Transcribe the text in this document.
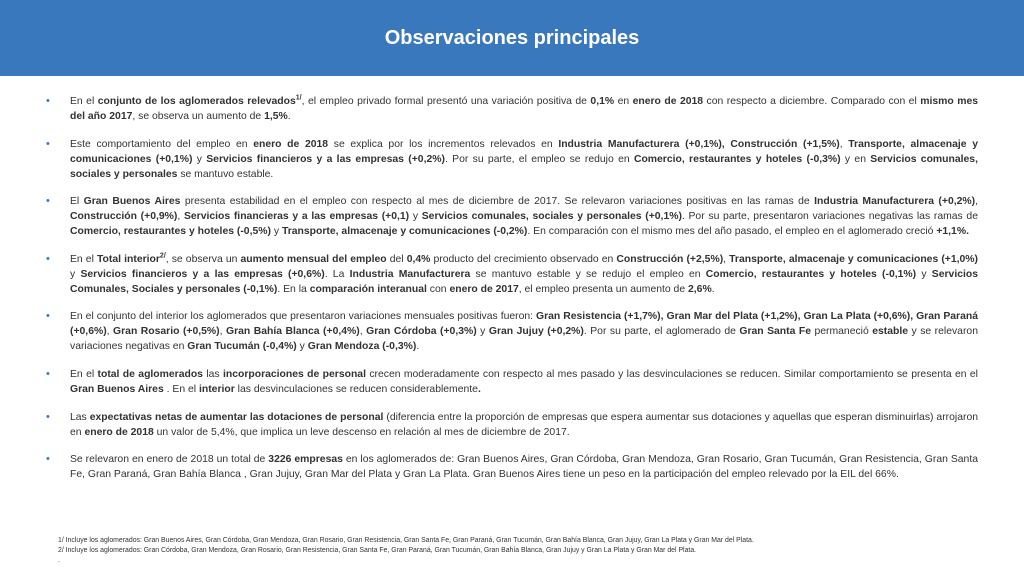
Observaciones principales
• En el conjunto de los aglomerados relevados$^{1/}$, el empleo privado formal presentó una variación positiva de 0,1% en enero de 2018 con respecto a diciembre. Comparado con el mismo mes del año 2017, se observa un aumento de 1,5%.
• Este comportamiento del empleo en enero de 2018 se explica por los incrementos relevados en Industria Manufacturera (+0,1%), Construcción (+1,5%), Transporte, almacenaje y comunicaciones (+0,1%) y Servicios financieros y a las empresas (+0,2%). Por su parte, el empleo se redujo en Comercio, restaurantes y hoteles (-0,3%) y en Servicios comunales, sociales y personales se mantuvo estable.
• El Gran Buenos Aires presenta estabilidad en el empleo con respecto al mes de diciembre de 2017. Se relevaron variaciones positivas en las ramas de Industria Manufacturera (+0,2%), Construcción (+0,9%), Servicios financieras y a las empresas (+0,1) y Servicios comunales, sociales y personales (+0,1%). Por su parte, presentaron variaciones negativas las ramas de Comercio, restaurantes y hoteles (-0,5%) y Transporte, almacenaje y comunicaciones (-0,2%). En comparación con el mismo mes del año pasado, el empleo en el aglomerado creció +1,1%.
• En el Total interior$^{2/}$, se observa un aumento mensual del empleo del 0,4% producto del crecimiento observado en Construcción (+2,5%), Transporte, almacenaje y comunicaciones (+1,0%) y Servicios financieros y a las empresas (+0,6%). La Industria Manufacturera se mantuvo estable y se redujo el empleo en Comercio, restaurantes y hoteles (-0,1%) y Servicios Comunales, Sociales y personales (-0,1%). En la comparación interanual con enero de 2017, el empleo presenta un aumento de 2,6%.
• En el conjunto del interior los aglomerados que presentaron variaciones mensuales positivas fueron: Gran Resistencia (+1,7%), Gran Mar del Plata (+1,2%), Gran La Plata (+0,6%), Gran Paraná (+0,6%), Gran Rosario (+0,5%), Gran Bahía Blanca (+0,4%), Gran Córdoba (+0,3%) y Gran Jujuy (+0,2%). Por su parte, el aglomerado de Gran Santa Fe permaneció estable y se relevaron variaciones negativas en Gran Tucumán (-0,4%) y Gran Mendoza (-0,3%).
• En el total de aglomerados las incorporaciones de personal crecen moderadamente con respecto al mes pasado y las desvinculaciones se reducen. Similar comportamiento se presenta en el Gran Buenos Aires . En el interior las desvinculaciones se reducen considerablemente.
• Las expectativas netas de aumentar las dotaciones de personal (diferencia entre la proporción de empresas que espera aumentar sus dotaciones y aquellas que esperan disminuirlas) arrojaron en enero de 2018 un valor de 5,4%, que implica un leve descenso en relación al mes de diciembre de 2017.
• Se relevaron en enero de 2018 un total de 3226 empresas en los aglomerados de: Gran Buenos Aires, Gran Córdoba, Gran Mendoza, Gran Rosario, Gran Tucumán, Gran Resistencia, Gran Santa Fe, Gran Paraná, Gran Bahía Blanca , Gran Jujuy, Gran Mar del Plata y Gran La Plata. Gran Buenos Aires tiene un peso en la participación del empleo relevado por la EIL del 66%.
1/ Incluye los aglomerados: Gran Buenos Aires, Gran Córdoba, Gran Mendoza, Gran Rosario, Gran Resistencia, Gran Santa Fe, Gran Paraná, Gran Tucumán, Gran Bahía Blanca, Gran Jujuy, Gran La Plata y Gran Mar del Plata.
2/ Incluye los aglomerados: Gran Córdoba, Gran Mendoza, Gran Rosario, Gran Resistencia, Gran Santa Fe, Gran Paraná, Gran Tucumán, Gran Bahía Blanca, Gran Jujuy y Gran La Plata y Gran Mar del Plata.
.
